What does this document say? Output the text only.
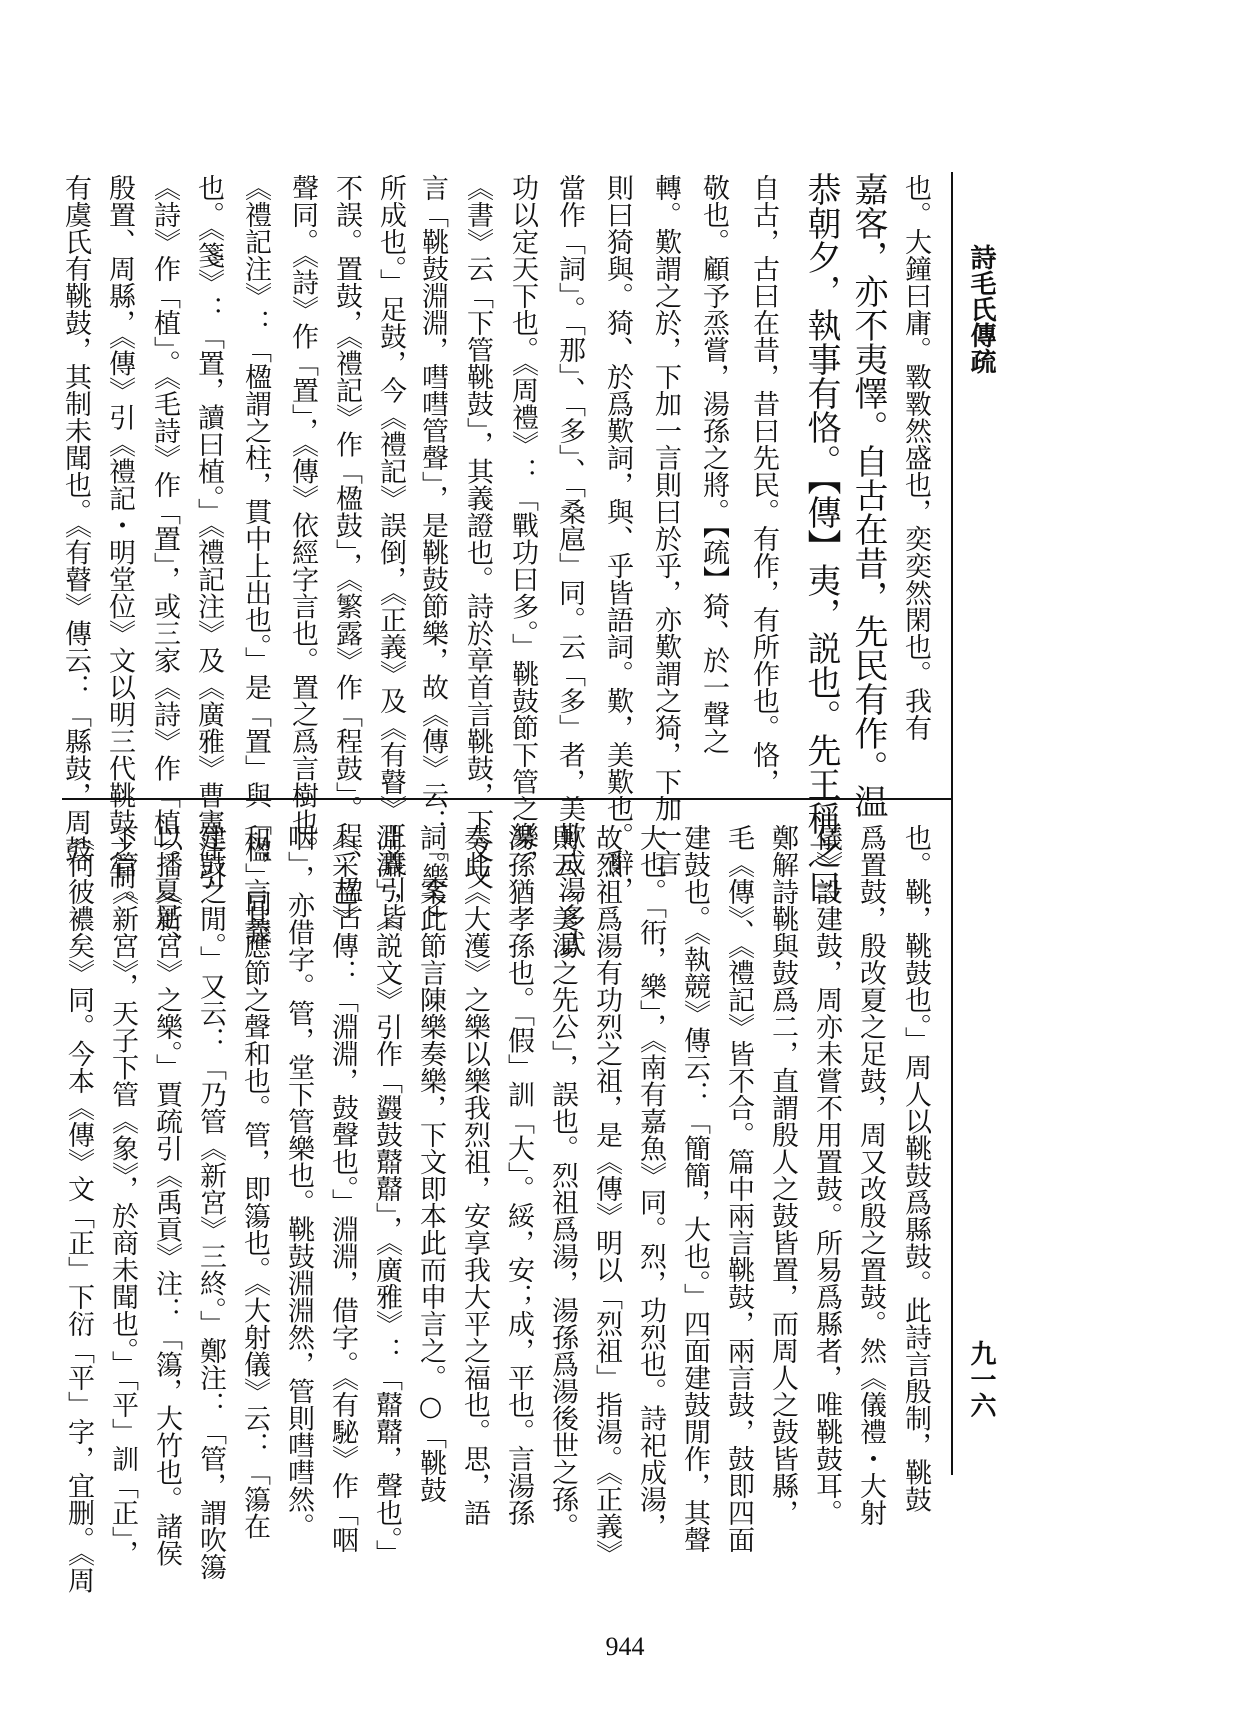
詩毛氏傳疏
九一六
也。大鐘曰庸。斁斁然盛也，奕奕然閑也。我有
嘉客，亦不夷懌。自古在昔，先民有作。温
恭朝夕，執事有恪。【傳】夷，説也。先王稱之曰
自古，古曰在昔，昔曰先民。有作，有所作也。恪，
敬也。顧予烝嘗，湯孫之將。【疏】猗、於一聲之
轉。歎謂之於，下加一言則曰於乎，亦歎謂之猗，下加一言
則曰猗與。猗、於爲歎詞，與、乎皆語詞。歎，美歎也。辭，
當作「詞」。「那」、「多」、「桑扈」同。云「多」者，美歎成湯多武
功以定天下也。《周禮》：「戰功曰多。」鞉鼓節下管之樂，
《書》云「下管鞉鼓」，其義證也。詩於章首言鞉鼓，下文又
言「鞉鼓淵淵，嘒嘒管聲」，是鞉鼓節樂，故《傳》云：「樂之
所成也。」足鼓，今《禮記》誤倒，《正義》及《有瞽》正義引皆
不誤。置鼓，《禮記》作「楹鼓」，《繁露》作「程鼓」。程、楹古
聲同。《詩》作「置」，《傳》依經字言也。置之爲言樹也。
《禮記注》：「楹謂之柱，貫中上出也。」是「置」與「楹」同義
也。《箋》：「置，讀曰植。」《禮記注》及《廣雅》曹憲注引
《詩》作「植」。《毛詩》作「置」，或三家《詩》作「植」。夏足、
殷置、周縣，《傳》引《禮記・明堂位》文以明三代鞉鼓之制。
有虞氏有鞉鼓，其制未聞也。《有瞽》傳云：「縣鼓，周鼓
也。鞉，鞉鼓也。」周人以鞉鼓爲縣鼓。此詩言殷制，鞉鼓
爲置鼓，殷改夏之足鼓，周又改殷之置鼓。然《儀禮・大射
儀》設建鼓，周亦未嘗不用置鼓。所易爲縣者，唯鞉鼓耳。
鄭解詩鞉與鼓爲二，直謂殷人之鼓皆置，而周人之鼓皆縣，
毛《傳》、《禮記》皆不合。篇中兩言鞉鼓，兩言鼓，鼓即四面
建鼓也。《執競》傳云：「簡簡，大也。」四面建鼓閒作，其聲
大也。「衎，樂」，《南有嘉魚》同。烈，功烈也。詩祀成湯，
故烈祖爲湯有功烈之祖，是《傳》明以「烈祖」指湯。《正義》
則云「美湯之先公」，誤也。烈祖爲湯，湯孫爲湯後世之孫。
湯孫猶孝孫也。「假」訓「大」。綏，安；成，平也。言湯孫
奏此《大濩》之樂以樂我烈祖，安享我大平之福也。思，語
詞。案此節言陳樂奏樂，下文即本此而申言之。○「鞉鼓
淵淵」，《説文》引作「鼝鼓鼘鼘」，《廣雅》：「鼘鼘，聲也。」
《采芑》傳：「淵淵，鼓聲也。」淵淵，借字。《有駜》作「咽
咽」，亦借字。管，堂下管樂也。鞉鼓淵淵然，管則嘒嘒然。
和，言其應節之聲和也。管，即簜也。《大射儀》云：「簜在
建鼓之閒。」又云：「乃管《新宮》三終。」鄭注：「管，謂吹簜
以播《新宮》之樂。」賈疏引《禹貢》注：「簜，大竹也。諸侯
下管《新宮》，天子下管《象》，於商未聞也。」「平」訓「正」，
《何彼襛矣》同。今本《傳》文「正」下衍「平」字，宜删。《周
944
